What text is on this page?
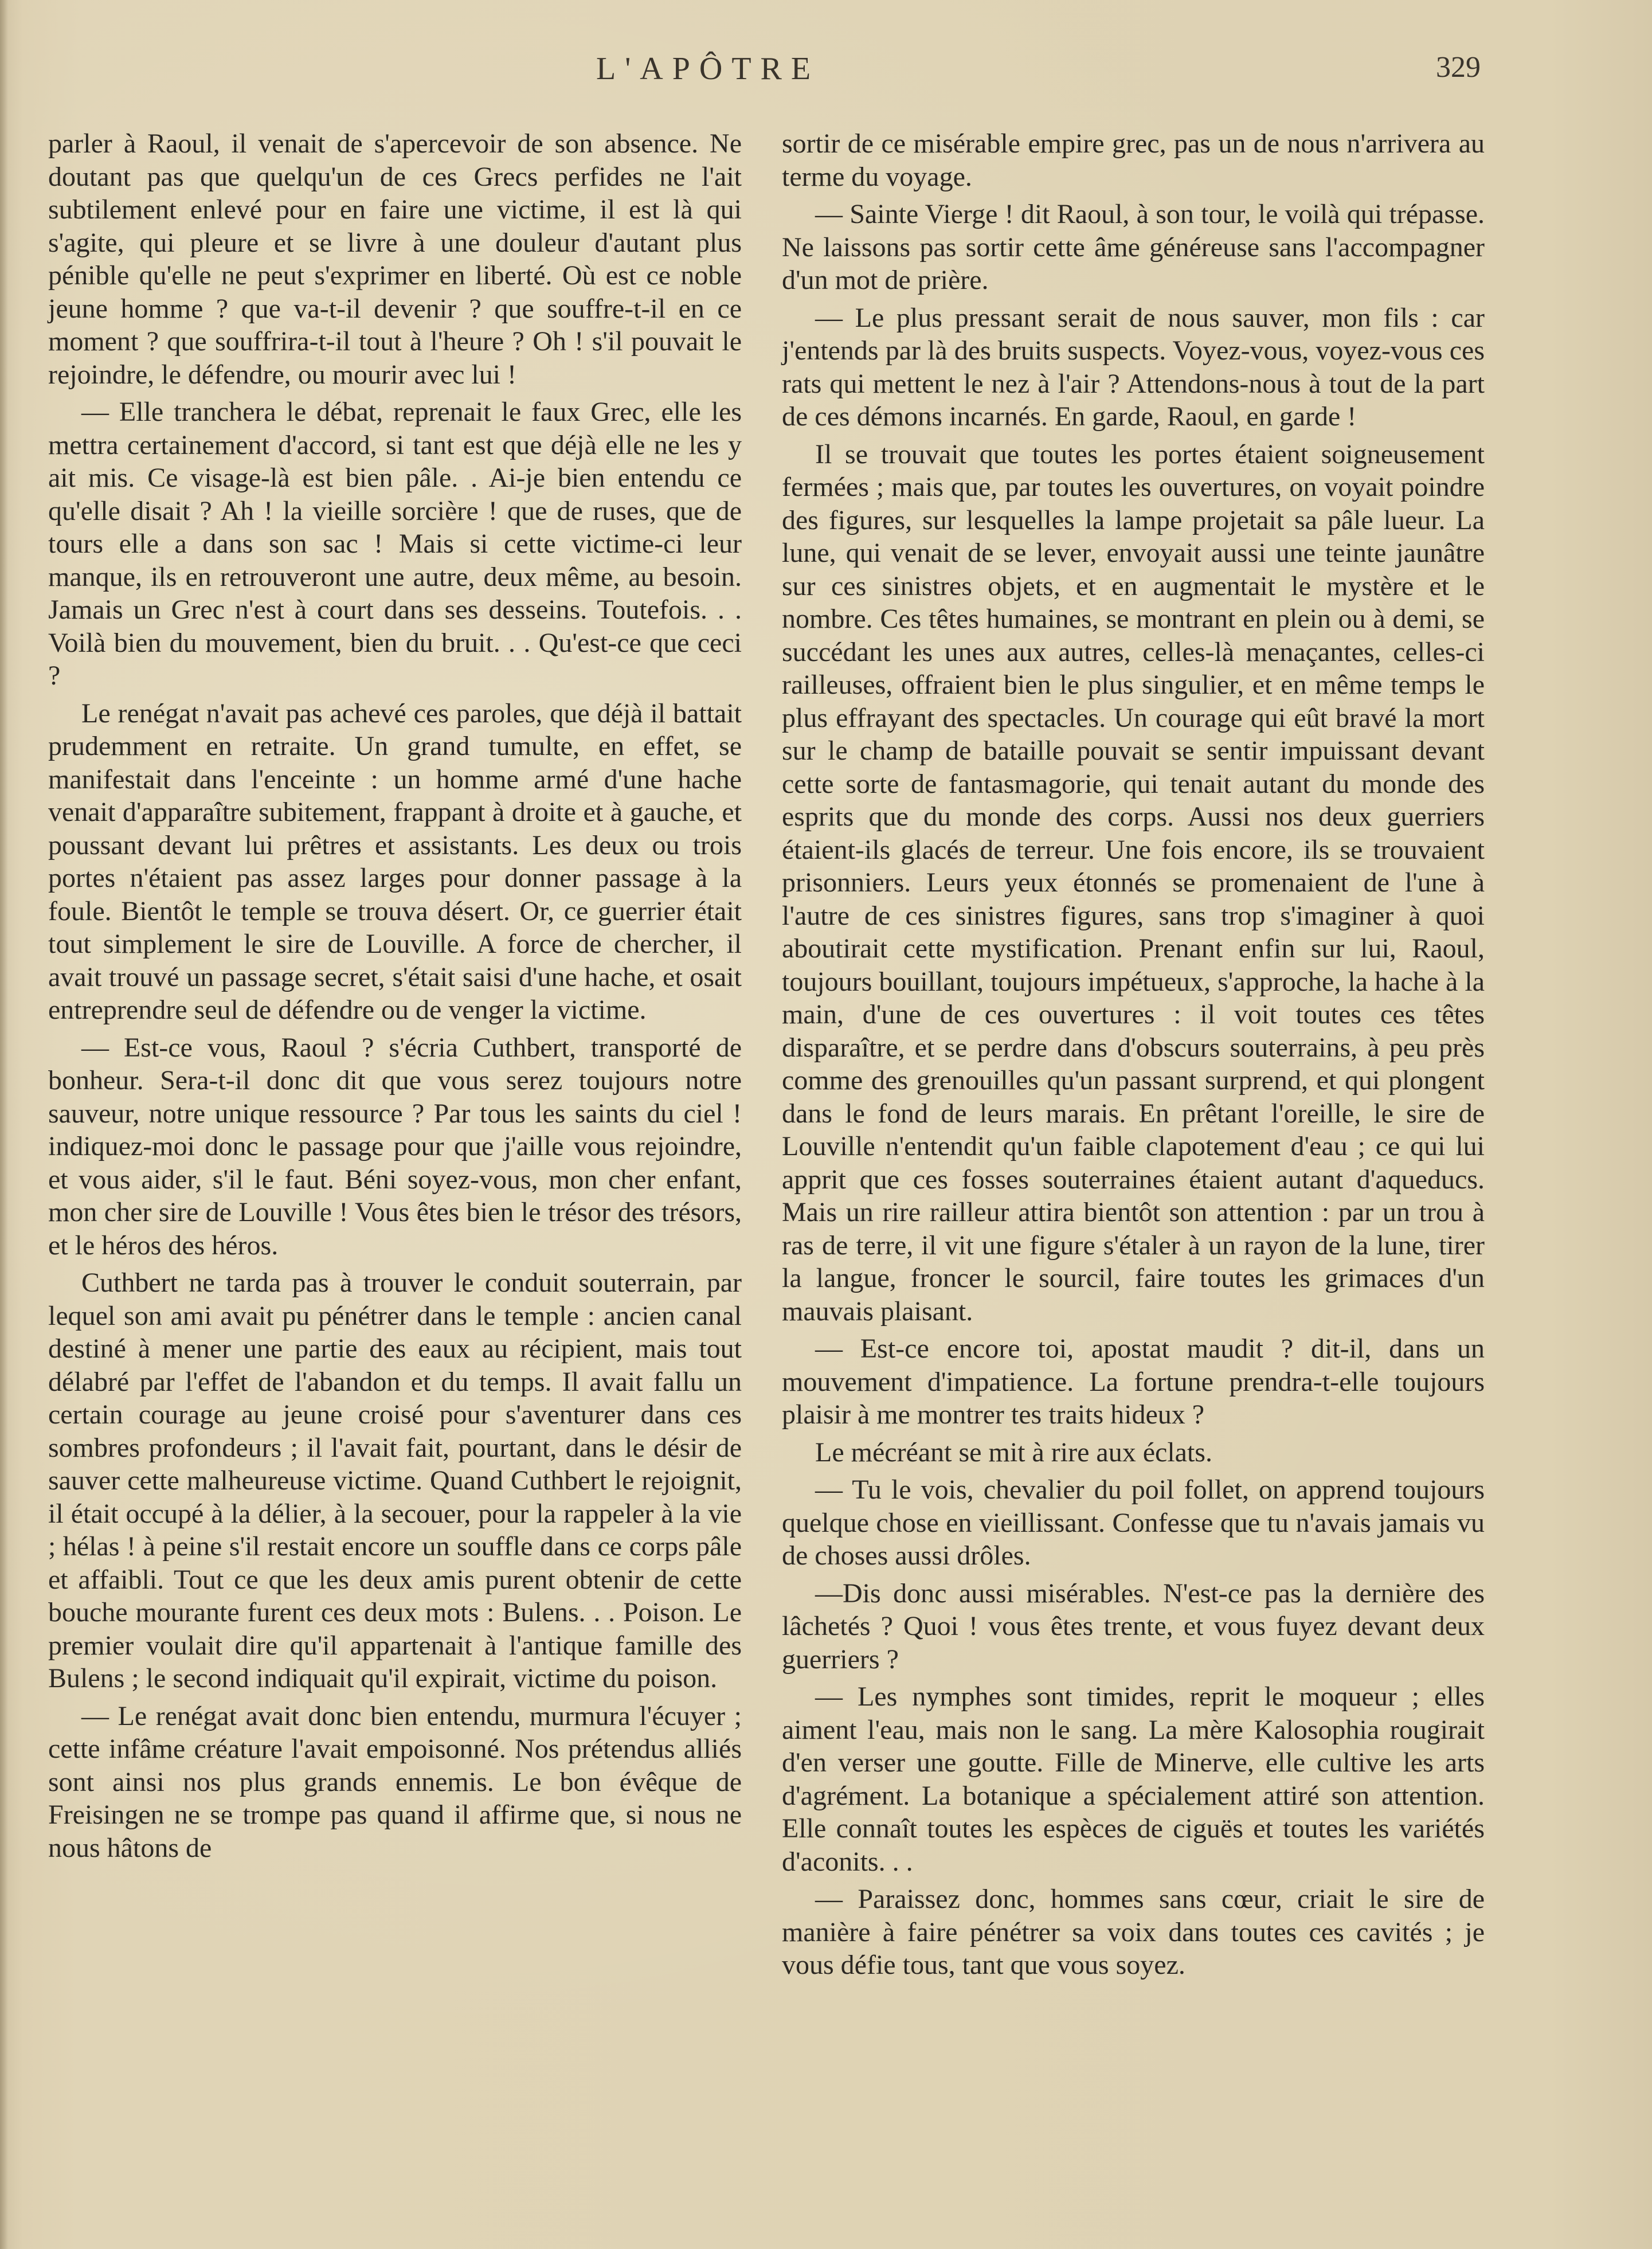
L'APÔTRE	329

parler à Raoul, il venait de s'apercevoir de son absence. Ne doutant pas que quelqu'un de ces Grecs perfides ne l'ait subtilement enlevé pour en faire une victime, il est là qui s'agite, qui pleure et se livre à une douleur d'autant plus pénible qu'elle ne peut s'exprimer en liberté. Où est ce noble jeune homme ? que va-t-il devenir ? que souffre-t-il en ce moment ? que souffrira-t-il tout à l'heure ? Oh ! s'il pouvait le rejoindre, le défendre, ou mourir avec lui !

— Elle tranchera le débat, reprenait le faux Grec, elle les mettra certainement d'accord, si tant est que déjà elle ne les y ait mis. Ce visage-là est bien pâle. . Ai-je bien entendu ce qu'elle disait ? Ah ! la vieille sorcière ! que de ruses, que de tours elle a dans son sac ! Mais si cette victime-ci leur manque, ils en retrouveront une autre, deux même, au besoin. Jamais un Grec n'est à court dans ses desseins. Toutefois. . . Voilà bien du mouvement, bien du bruit. . . Qu'est-ce que ceci ?

Le renégat n'avait pas achevé ces paroles, que déjà il battait prudemment en retraite. Un grand tumulte, en effet, se manifestait dans l'enceinte : un homme armé d'une hache venait d'apparaître subitement, frappant à droite et à gauche, et poussant devant lui prêtres et assistants. Les deux ou trois portes n'étaient pas assez larges pour donner passage à la foule. Bientôt le temple se trouva désert. Or, ce guerrier était tout simplement le sire de Louville. A force de chercher, il avait trouvé un passage secret, s'était saisi d'une hache, et osait entreprendre seul de défendre ou de venger la victime.

— Est-ce vous, Raoul ? s'écria Cuthbert, transporté de bonheur. Sera-t-il donc dit que vous serez toujours notre sauveur, notre unique ressource ? Par tous les saints du ciel ! indiquez-moi donc le passage pour que j'aille vous rejoindre, et vous aider, s'il le faut. Béni soyez-vous, mon cher enfant, mon cher sire de Louville ! Vous êtes bien le trésor des trésors, et le héros des héros.

Cuthbert ne tarda pas à trouver le conduit souterrain, par lequel son ami avait pu pénétrer dans le temple : ancien canal destiné à mener une partie des eaux au récipient, mais tout délabré par l'effet de l'abandon et du temps. Il avait fallu un certain courage au jeune croisé pour s'aventurer dans ces sombres profondeurs ; il l'avait fait, pourtant, dans le désir de sauver cette malheureuse victime. Quand Cuthbert le rejoignit, il était occupé à la délier, à la secouer, pour la rappeler à la vie ; hélas ! à peine s'il restait encore un souffle dans ce corps pâle et affaibli. Tout ce que les deux amis purent obtenir de cette bouche mourante furent ces deux mots : Bulens. . . Poison. Le premier voulait dire qu'il appartenait à l'antique famille des Bulens ; le second indiquait qu'il expirait, victime du poison.

— Le renégat avait donc bien entendu, murmura l'écuyer ; cette infâme créature l'avait empoisonné. Nos prétendus alliés sont ainsi nos plus grands ennemis. Le bon évêque de Freisingen ne se trompe pas quand il affirme que, si nous ne nous hâtons de

sortir de ce misérable empire grec, pas un de nous n'arrivera au terme du voyage.

— Sainte Vierge ! dit Raoul, à son tour, le voilà qui trépasse. Ne laissons pas sortir cette âme généreuse sans l'accompagner d'un mot de prière.

— Le plus pressant serait de nous sauver, mon fils : car j'entends par là des bruits suspects. Voyez-vous, voyez-vous ces rats qui mettent le nez à l'air ? Attendons-nous à tout de la part de ces démons incarnés. En garde, Raoul, en garde !

Il se trouvait que toutes les portes étaient soigneusement fermées ; mais que, par toutes les ouvertures, on voyait poindre des figures, sur lesquelles la lampe projetait sa pâle lueur. La lune, qui venait de se lever, envoyait aussi une teinte jaunâtre sur ces sinistres objets, et en augmentait le mystère et le nombre. Ces têtes humaines, se montrant en plein ou à demi, se succédant les unes aux autres, celles-là menaçantes, celles-ci railleuses, offraient bien le plus singulier, et en même temps le plus effrayant des spectacles. Un courage qui eût bravé la mort sur le champ de bataille pouvait se sentir impuissant devant cette sorte de fantasmagorie, qui tenait autant du monde des esprits que du monde des corps. Aussi nos deux guerriers étaient-ils glacés de terreur. Une fois encore, ils se trouvaient prisonniers. Leurs yeux étonnés se promenaient de l'une à l'autre de ces sinistres figures, sans trop s'imaginer à quoi aboutirait cette mystification. Prenant enfin sur lui, Raoul, toujours bouillant, toujours impétueux, s'approche, la hache à la main, d'une de ces ouvertures : il voit toutes ces têtes disparaître, et se perdre dans d'obscurs souterrains, à peu près comme des grenouilles qu'un passant surprend, et qui plongent dans le fond de leurs marais. En prêtant l'oreille, le sire de Louville n'entendit qu'un faible clapotement d'eau ; ce qui lui apprit que ces fosses souterraines étaient autant d'aqueducs. Mais un rire railleur attira bientôt son attention : par un trou à ras de terre, il vit une figure s'étaler à un rayon de la lune, tirer la langue, froncer le sourcil, faire toutes les grimaces d'un mauvais plaisant.

— Est-ce encore toi, apostat maudit ? dit-il, dans un mouvement d'impatience. La fortune prendra-t-elle toujours plaisir à me montrer tes traits hideux ?

Le mécréant se mit à rire aux éclats.

— Tu le vois, chevalier du poil follet, on apprend toujours quelque chose en vieillissant. Confesse que tu n'avais jamais vu de choses aussi drôles.

—Dis donc aussi misérables. N'est-ce pas la dernière des lâchetés ? Quoi ! vous êtes trente, et vous fuyez devant deux guerriers ?

— Les nymphes sont timides, reprit le moqueur ; elles aiment l'eau, mais non le sang. La mère Kalosophia rougirait d'en verser une goutte. Fille de Minerve, elle cultive les arts d'agrément. La botanique a spécialement attiré son attention. Elle connaît toutes les espèces de ciguës et toutes les variétés d'aconits. . .

— Paraissez donc, hommes sans cœur, criait le sire de manière à faire pénétrer sa voix dans toutes ces cavités ; je vous défie tous, tant que vous soyez.
